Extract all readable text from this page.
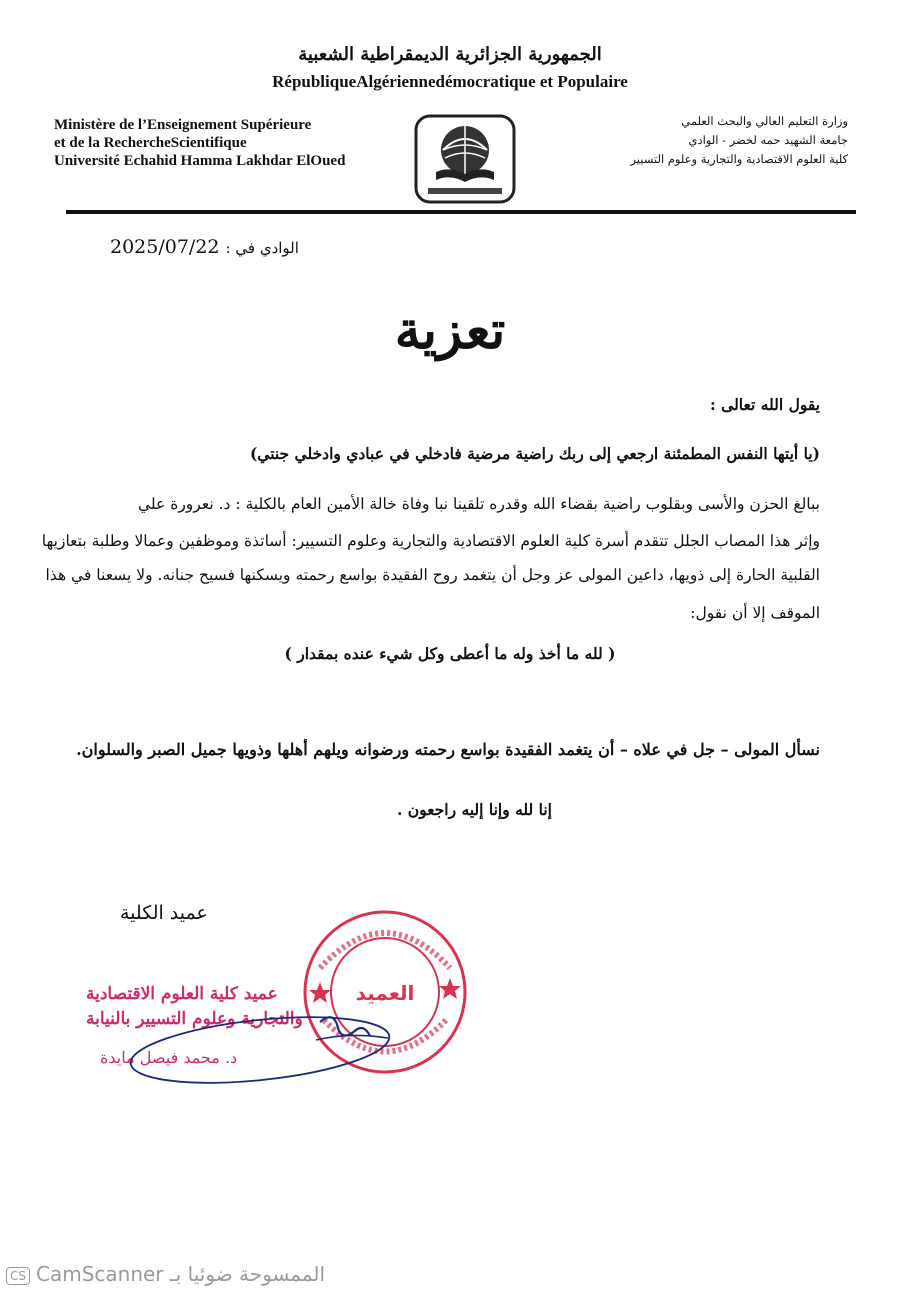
الجمهورية الجزائرية الديمقراطية الشعبية
RépubliqueAlgériennedémocratique et Populaire
Ministère de l’Enseignement Supérieure
et de la RechercheScientifique
Université Echahid Hamma Lakhdar ElOued
وزارة التعليم العالي والبحث العلمي
جامعة الشهيد حمه لخضر - الوادي
كلية العلوم الاقتصادية والتجارية وعلوم التسيير
2025/07/22 الوادي في :
تعزية
يقول الله تعالى :
(يا أيتها النفس المطمئنة ارجعي إلى ربك راضية مرضية فادخلي في عبادي وادخلي جنتي)
ببالغ الحزن والأسى وبقلوب راضية بقضاء الله وقدره تلقينا نبا وفاة خالة الأمين العام بالكلية : د. نعرورة علي
وإثر هذا المصاب الجلل تتقدم أسرة كلية العلوم الاقتصادية والتجارية وعلوم التسيير: أساتذة وموظفين وعمالا وطلبة بتعازيها
القلبية الحارة إلى ذويها، داعين المولى عز وجل أن يتغمد روح الفقيدة بواسع رحمته ويسكنها فسيح جنانه. ولا يسعنا في هذا
الموقف إلا أن نقول:
( لله ما أخذ وله ما أعطى وكل شيء عنده بمقدار )
نسأل المولى – جل في علاه – أن يتغمد الفقيدة بواسع رحمته ورضوانه ويلهم أهلها وذويها جميل الصبر والسلوان.
إنا لله وإنا إليه راجعون .
عميد الكلية
العميد
عميد كلية العلوم الاقتصادية
والتجارية وعلوم التسيير بالنيابة
د. محمد فيصل مايدة
CS CamScanner الممسوحة ضوئيا بـ
